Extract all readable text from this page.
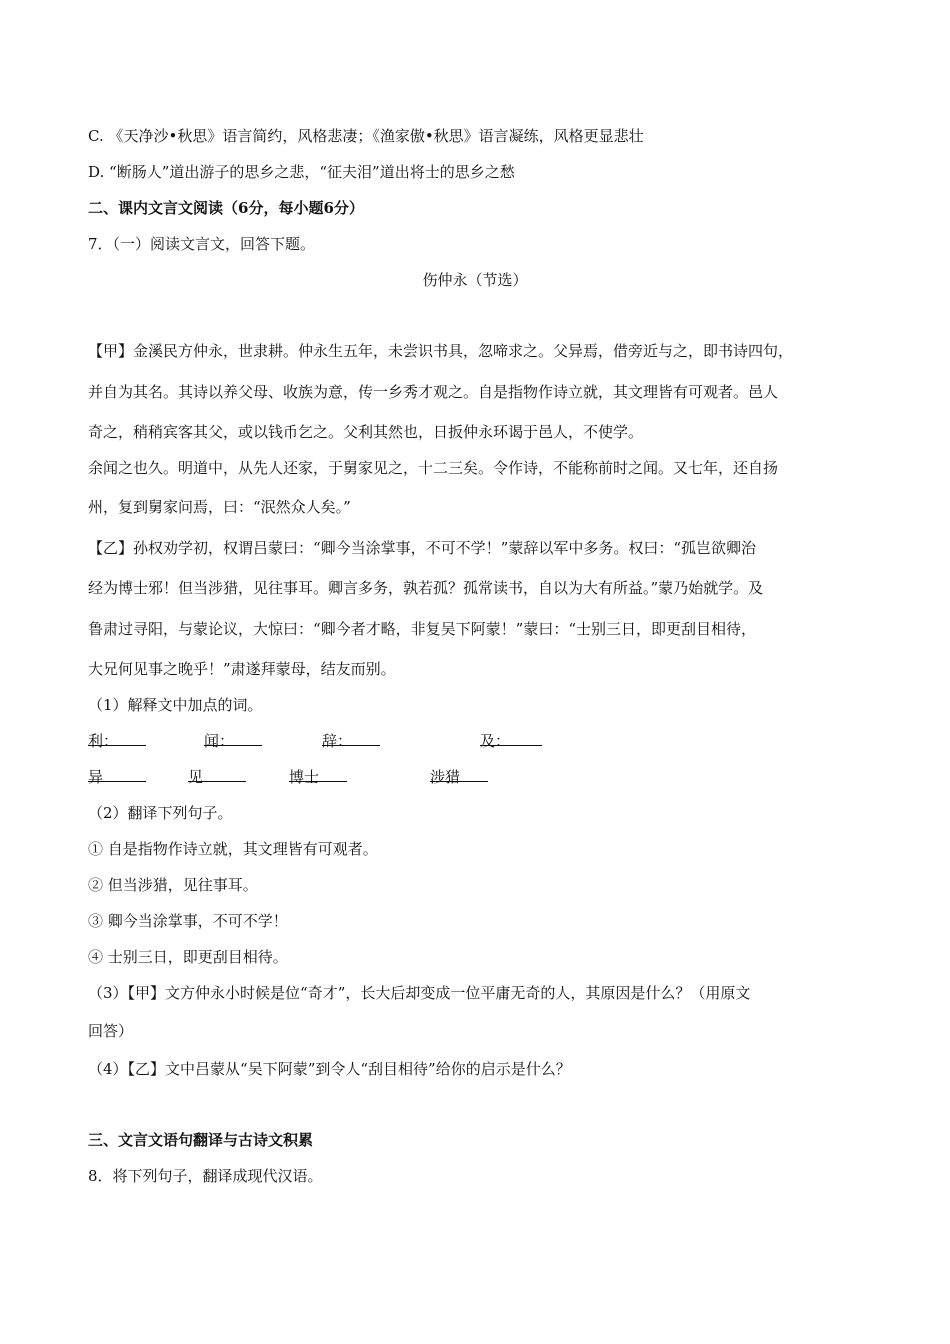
C. 《天净沙•秋思》语言简约，风格悲凄；《渔家傲•秋思》语言凝练，风格更显悲壮
D. “断肠人”道出游子的思乡之悲，“征夫泪”道出将士的思乡之愁
二、课内文言文阅读（6分，每小题6分）
7．（一）阅读文言文，回答下题。
伤仲永（节选）
【甲】金溪民方仲永，世隶耕。仲永生五年，未尝识书具，忽啼求之。父异焉，借旁近与之，即书诗四句，
并自为其名。其诗以养父母、收族为意，传一乡秀才观之。自是指物作诗立就，其文理皆有可观者。邑人
奇之，稍稍宾客其父，或以钱币乞之。父利其然也，日扳仲永环谒于邑人，不使学。
余闻之也久。明道中，从先人还家，于舅家见之，十二三矣。令作诗，不能称前时之闻。又七年，还自扬
州，复到舅家问焉，曰：“泯然众人矣。”
【乙】孙权劝学初，权谓吕蒙曰：“卿今当涂掌事，不可不学！”蒙辞以军中多务。权曰：“孤岂欲卿治
经为博士邪！但当涉猎，见往事耳。卿言多务，孰若孤？孤常读书，自以为大有所益。”蒙乃始就学。及
鲁肃过寻阳，与蒙论议，大惊曰：“卿今者才略，非复吴下阿蒙！”蒙曰：“士别三日，即更刮目相待，
大兄何见事之晚乎！”肃遂拜蒙母，结友而别。
（1）解释文中加点的词。
利：	闻：	辞：	及：
异	见	博士	涉猎
（2）翻译下列句子。
① 自是指物作诗立就，其文理皆有可观者。
② 但当涉猎，见往事耳。
③ 卿今当涂掌事，不可不学！
④ 士别三日，即更刮目相待。
（3）【甲】文方仲永小时候是位“奇才”，长大后却变成一位平庸无奇的人，其原因是什么？（用原文
回答）
（4）【乙】文中吕蒙从“吴下阿蒙”到令人“刮目相待”给你的启示是什么？
三、文言文语句翻译与古诗文积累
8．将下列句子，翻译成现代汉语。
